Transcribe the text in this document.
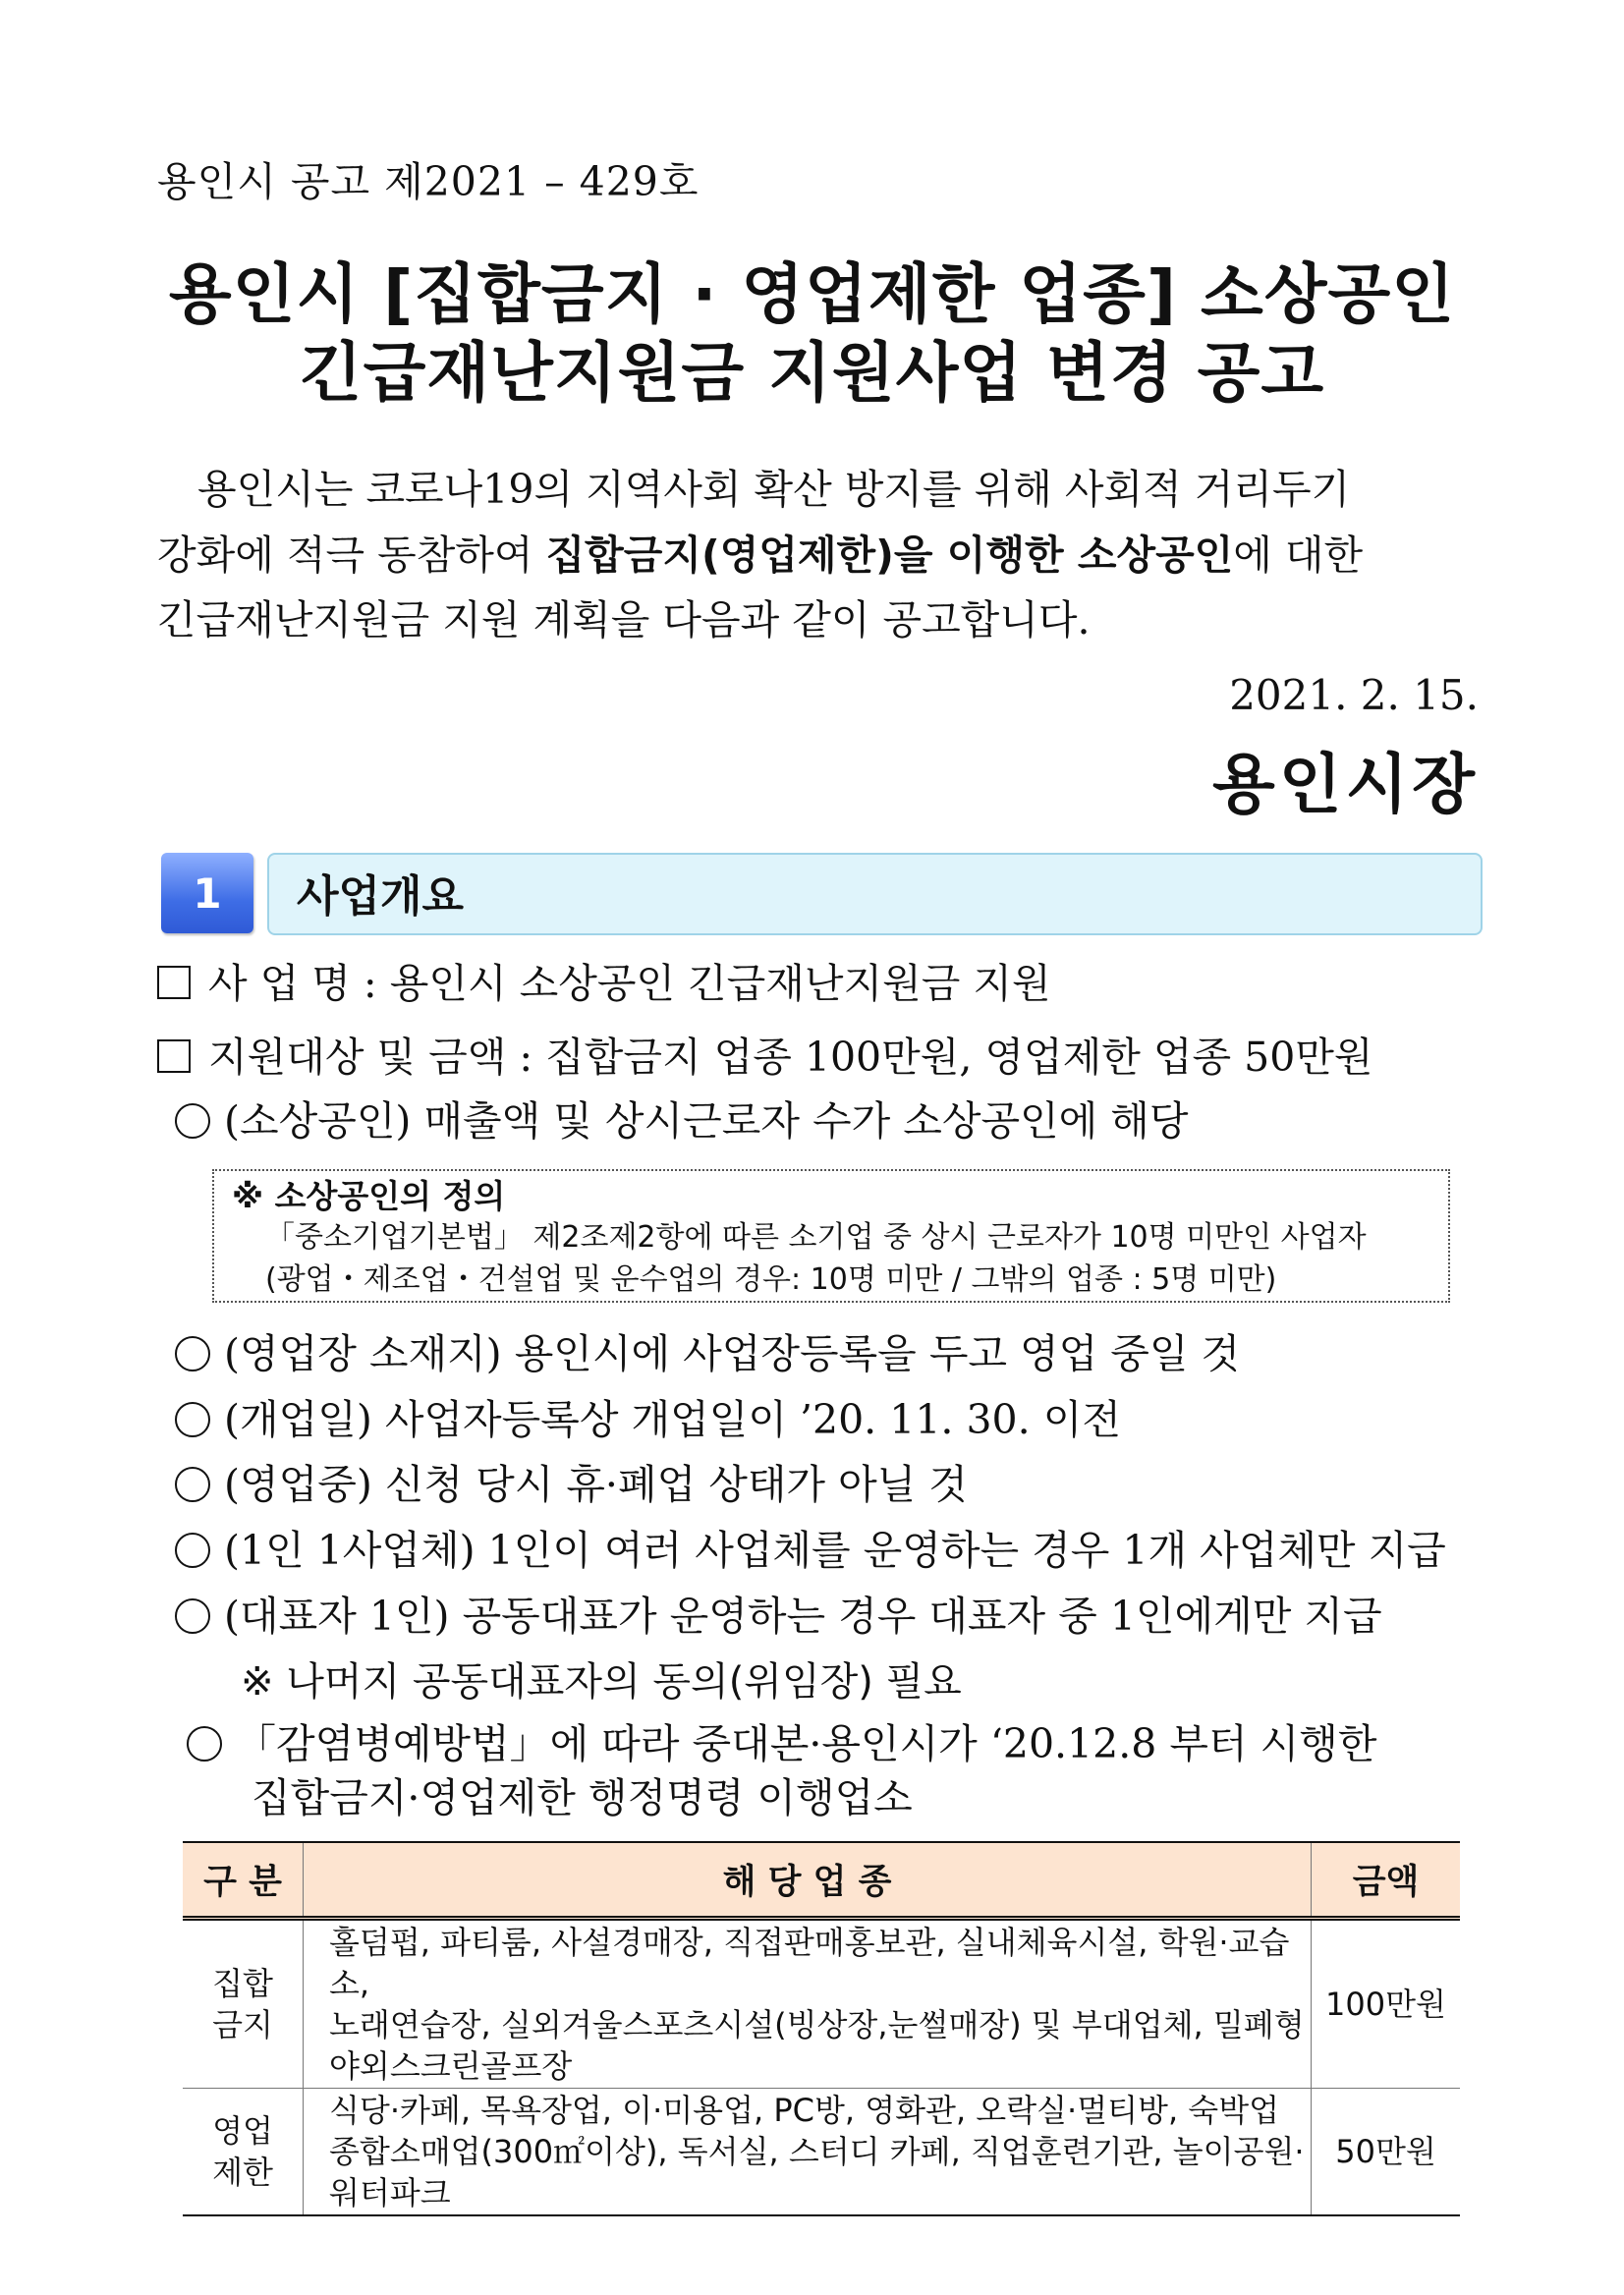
용인시 공고 제2021 – 429호
용인시 [집합금지 · 영업제한 업종] 소상공인
긴급재난지원금 지원사업 변경 공고
 용인시는 코로나19의 지역사회 확산 방지를 위해 사회적 거리두기
강화에 적극 동참하여 집합금지(영업제한)을 이행한 소상공인에 대한
긴급재난지원금 지원 계획을 다음과 같이 공고합니다.
2021. 2. 15.
용인시장
1	사업개요
사 업 명 : 용인시 소상공인 긴급재난지원금 지원
지원대상 및 금액 : 집합금지 업종 100만원, 영업제한 업종 50만원
(소상공인) 매출액 및 상시근로자 수가 소상공인에 해당
※ 소상공인의 정의
「중소기업기본법」 제2조제2항에 따른 소기업 중 상시 근로자가 10명 미만인 사업자
(광업・제조업・건설업 및 운수업의 경우: 10명 미만 / 그밖의 업종 : 5명 미만)
(영업장 소재지) 용인시에 사업장등록을 두고 영업 중일 것
(개업일) 사업자등록상 개업일이 ’20. 11. 30. 이전
(영업중) 신청 당시 휴·폐업 상태가 아닐 것
(1인 1사업체) 1인이 여러 사업체를 운영하는 경우 1개 사업체만 지급
(대표자 1인) 공동대표가 운영하는 경우 대표자 중 1인에게만 지급
※ 나머지 공동대표자의 동의(위임장) 필요
「감염병예방법」에 따라 중대본·용인시가 ‘20.12.8 부터 시행한
집합금지·영업제한 행정명령 이행업소
구 분	해 당 업 종	금액
집합
금지	홀덤펍, 파티룸, 사설경매장, 직접판매홍보관, 실내체육시설, 학원·교습소,
노래연습장, 실외겨울스포츠시설(빙상장,눈썰매장) 및 부대업체, 밀폐형야외스크린골프장	100만원
영업
제한	식당·카페, 목욕장업, 이·미용업, PC방, 영화관, 오락실·멀티방, 숙박업
종합소매업(300㎡이상), 독서실, 스터디 카페, 직업훈련기관, 놀이공원·워터파크	50만원
